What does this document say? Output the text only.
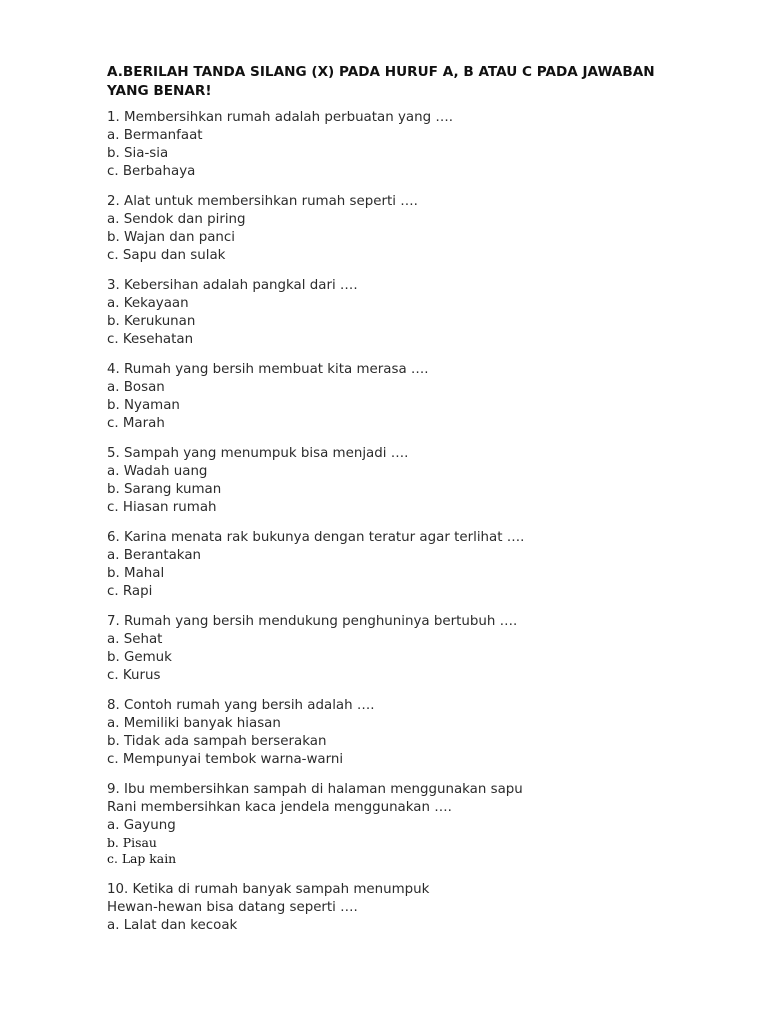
A.BERILAH TANDA SILANG (X) PADA HURUF A, B ATAU C PADA JAWABAN YANG BENAR!
1. Membersihkan rumah adalah perbuatan yang ….
a. Bermanfaat
b. Sia-sia
c. Berbahaya
2. Alat untuk membersihkan rumah seperti ….
a. Sendok dan piring
b. Wajan dan panci
c. Sapu dan sulak
3. Kebersihan adalah pangkal dari ….
a. Kekayaan
b. Kerukunan
c. Kesehatan
4. Rumah yang bersih membuat kita merasa ….
a. Bosan
b. Nyaman
c. Marah
5. Sampah yang menumpuk bisa menjadi ….
a. Wadah uang
b. Sarang kuman
c. Hiasan rumah
6. Karina menata rak bukunya dengan teratur agar terlihat ….
a. Berantakan
b. Mahal
c. Rapi
7. Rumah yang bersih mendukung penghuninya bertubuh ….
a. Sehat
b. Gemuk
c. Kurus
8. Contoh rumah yang bersih adalah ….
a. Memiliki banyak hiasan
b. Tidak ada sampah berserakan
c. Mempunyai tembok warna-warni
9. Ibu membersihkan sampah di halaman menggunakan sapu
Rani membersihkan kaca jendela menggunakan ….
a. Gayung
b. Pisau
c. Lap kain
10. Ketika di rumah banyak sampah menumpuk
Hewan-hewan bisa datang seperti ….
a. Lalat dan kecoak
